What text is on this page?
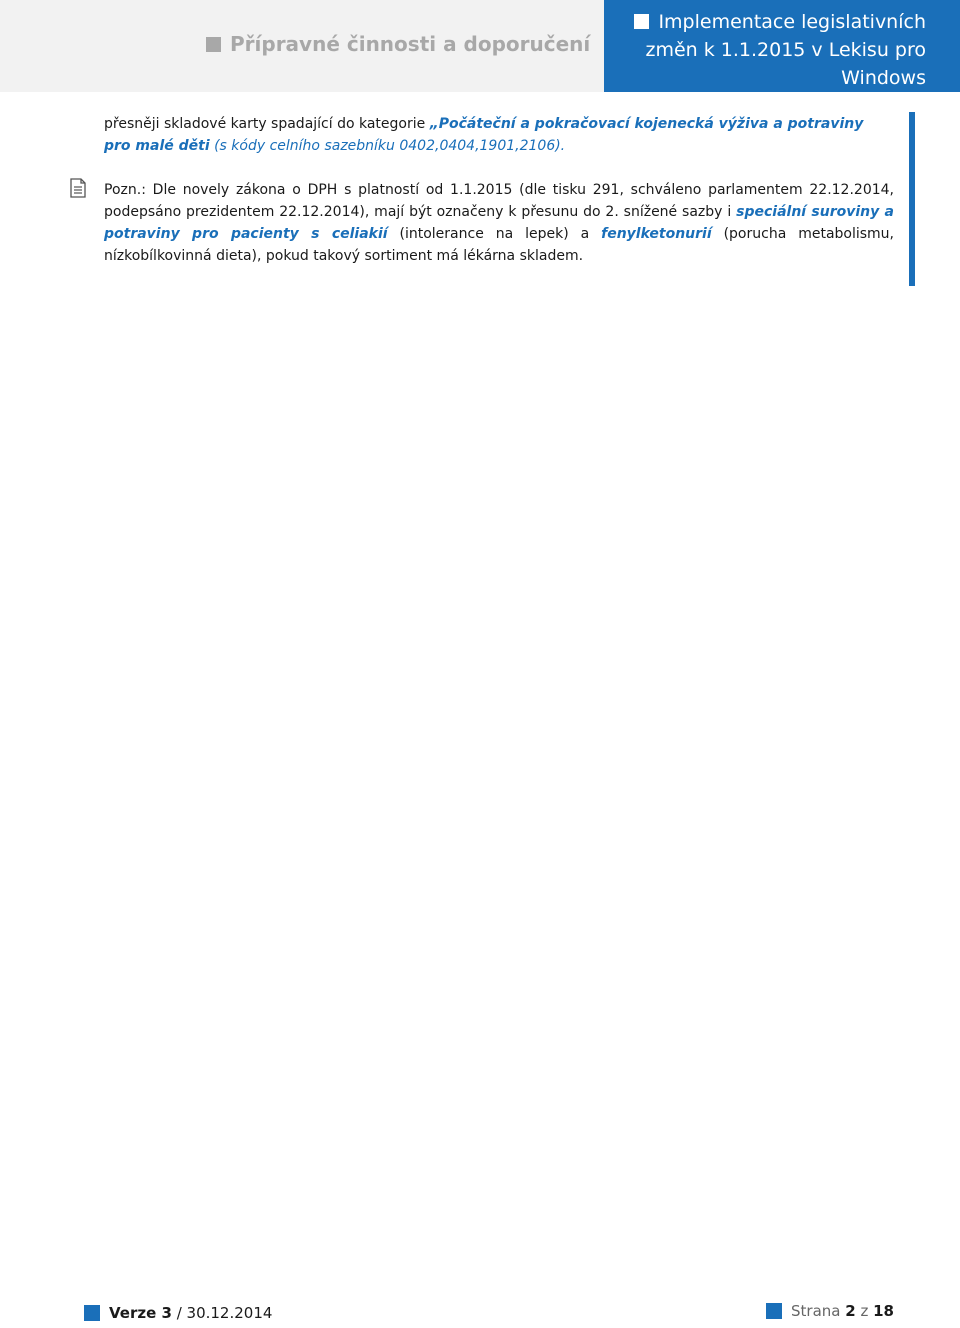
Přípravné činnosti a doporučení
Implementace legislativních
změn k 1.1.2015 v Lekisu pro
Windows

přesněji skladové karty spadající do kategorie „Počáteční a pokračovací kojenecká výživa a potraviny pro malé děti (s kódy celního sazebníku 0402,0404,1901,2106).

Pozn.: Dle novely zákona o DPH s platností od 1.1.2015 (dle tisku 291, schváleno parlamentem 22.12.2014, podepsáno prezidentem 22.12.2014), mají být označeny k přesunu do 2. snížené sazby i speciální suroviny a potraviny pro pacienty s celiakií (intolerance na lepek) a fenylketonurií (porucha metabolismu, nízkobílkovinná dieta), pokud takový sortiment má lékárna skladem.

Verze 3 / 30.12.2014	Strana 2 z 18
